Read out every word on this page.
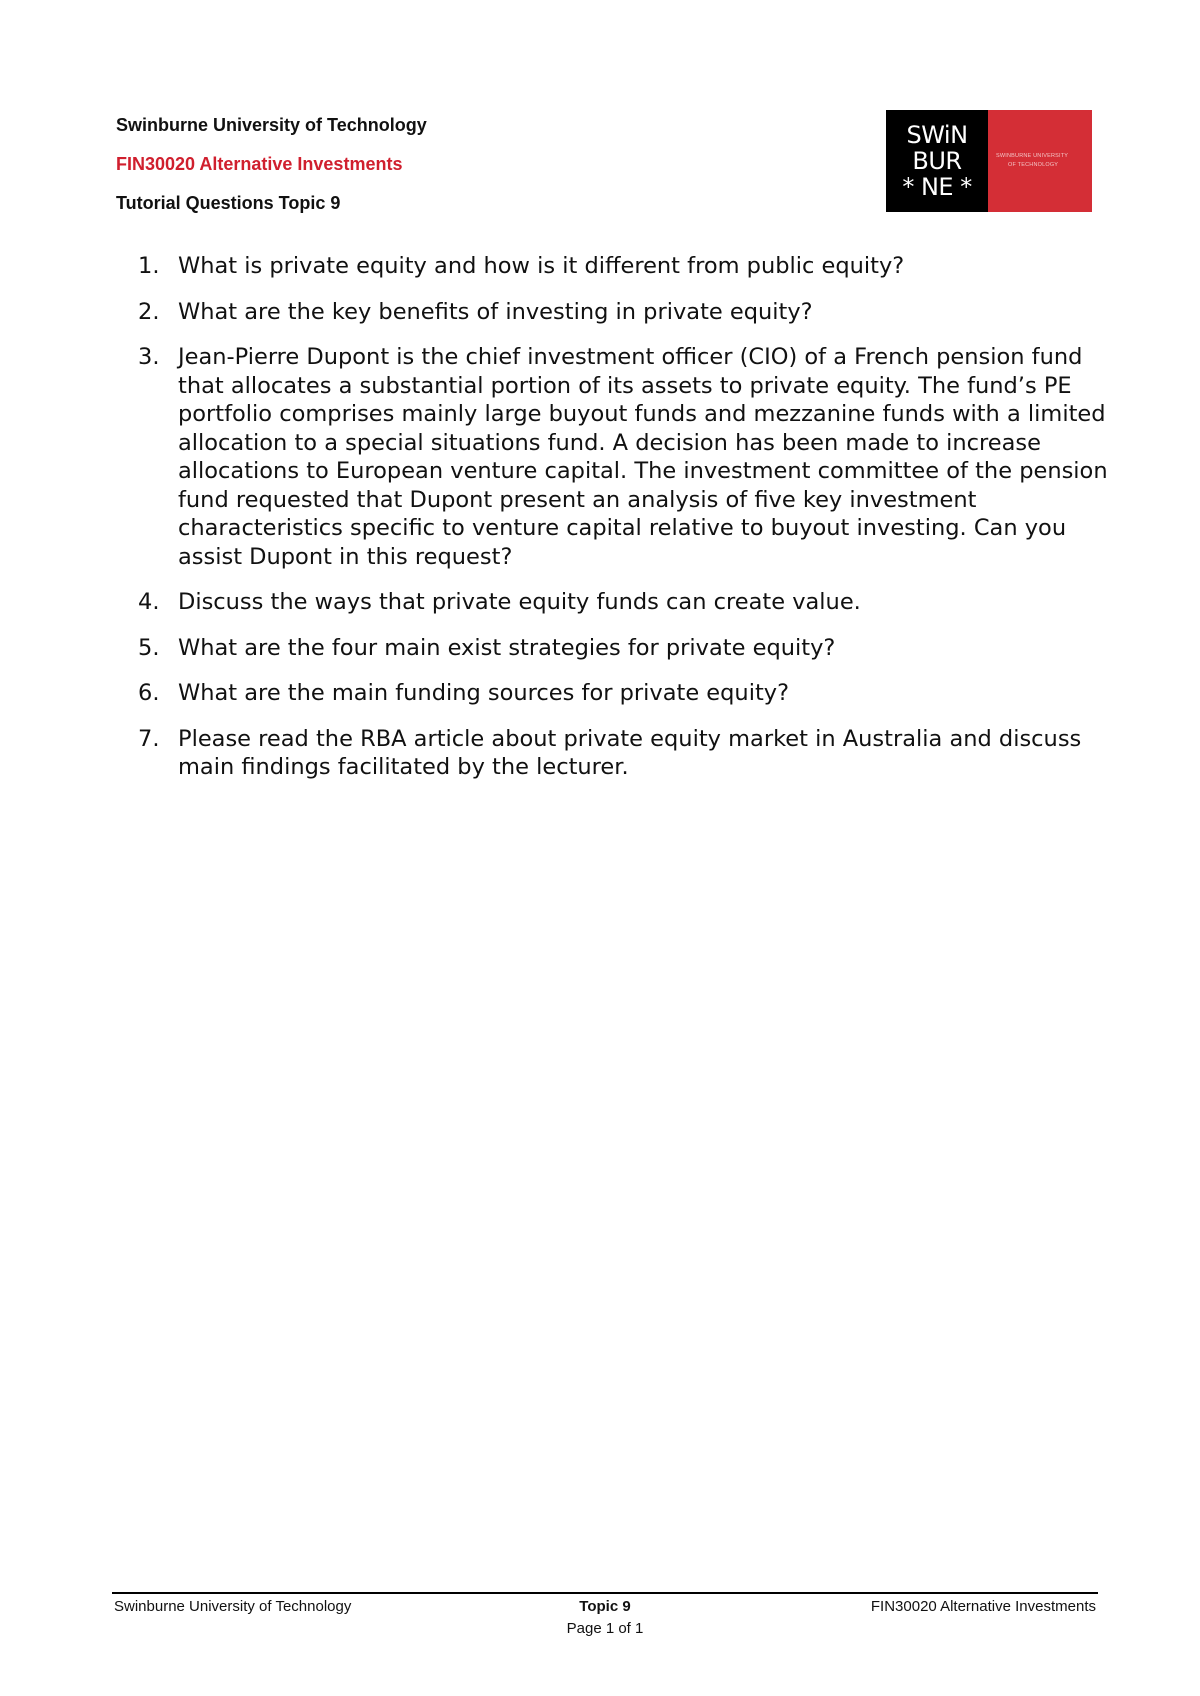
Swinburne University of Technology
FIN30020 Alternative Investments
Tutorial Questions Topic 9
SWiN
BUR
* NE *
SWINBURNE UNIVERSITY
OF TECHNOLOGY
1. What is private equity and how is it different from public equity?
2. What are the key benefits of investing in private equity?
3. Jean-Pierre Dupont is the chief investment officer (CIO) of a French pension fund that allocates a substantial portion of its assets to private equity. The fund’s PE portfolio comprises mainly large buyout funds and mezzanine funds with a limited allocation to a special situations fund. A decision has been made to increase allocations to European venture capital. The investment committee of the pension fund requested that Dupont present an analysis of five key investment characteristics specific to venture capital relative to buyout investing. Can you assist Dupont in this request?
4. Discuss the ways that private equity funds can create value.
5. What are the four main exist strategies for private equity?
6. What are the main funding sources for private equity?
7. Please read the RBA article about private equity market in Australia and discuss main findings facilitated by the lecturer.
Swinburne University of Technology	Topic 9	FIN30020 Alternative Investments
Page 1 of 1
